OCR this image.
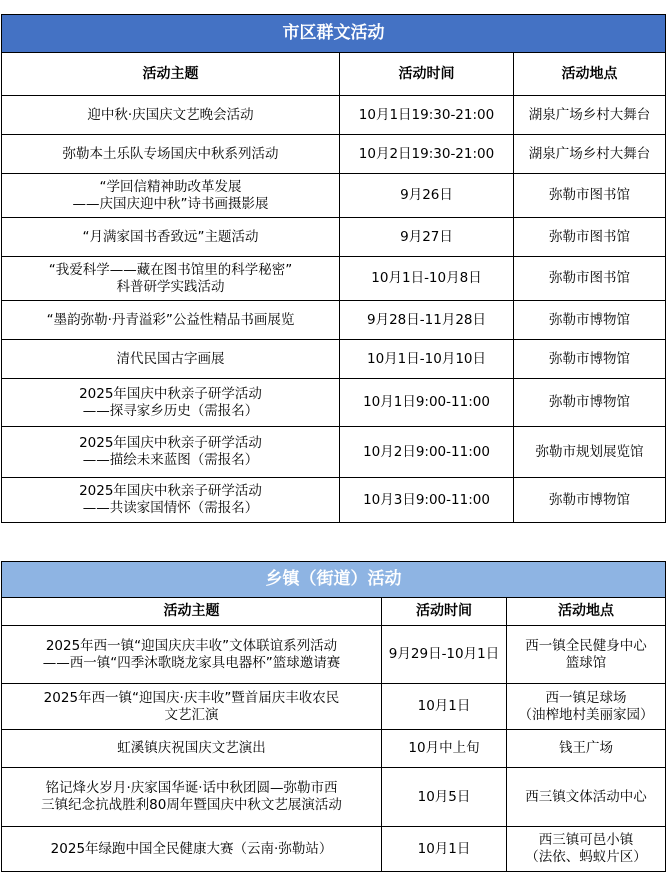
市区群文活动		
活动主题	活动时间	活动地点

迎中秋·庆国庆文艺晚会活动	10月1日19:30-21:00	湖泉广场乡村大舞台

弥勒本土乐队专场国庆中秋系列活动	10月2日19:30-21:00	湖泉广场乡村大舞台

“学回信精神助改革发展
——庆国庆迎中秋”诗书画摄影展	9月26日	弥勒市图书馆

“月满家国书香致远”主题活动	9月27日	弥勒市图书馆

“我爱科学——藏在图书馆里的科学秘密”
科普研学实践活动	10月1日-10月8日	弥勒市图书馆

“墨韵弥勒·丹青溢彩”公益性精品书画展览	9月28日-11月28日	弥勒市博物馆

清代民国古字画展	10月1日-10月10日	弥勒市博物馆

2025年国庆中秋亲子研学活动
——探寻家乡历史（需报名）	10月1日9:00-11:00	弥勒市博物馆

2025年国庆中秋亲子研学活动
——描绘未来蓝图（需报名）	10月2日9:00-11:00	弥勒市规划展览馆

2025年国庆中秋亲子研学活动
——共读家国情怀（需报名）	10月3日9:00-11:00	弥勒市博物馆
乡镇（街道）活动		
活动主题	活动时间	活动地点

2025年西一镇“迎国庆庆丰收”文体联谊系列活动
——西一镇“四季沐歌晓龙家具电器杯”篮球邀请赛	9月29日-10月1日	西一镇全民健身中心
篮球馆

2025年西一镇“迎国庆·庆丰收”暨首届庆丰收农民
文艺汇演	10月1日	西一镇足球场
（油榨地村美丽家园）

虹溪镇庆祝国庆文艺演出	10月中上旬	钱王广场

铭记烽火岁月·庆家国华诞·话中秋团圆—弥勒市西
三镇纪念抗战胜利80周年暨国庆中秋文艺展演活动	10月5日	西三镇文体活动中心

2025年绿跑中国全民健康大赛（云南·弥勒站）	10月1日	西三镇可邑小镇
（法依、蚂蚁片区）
